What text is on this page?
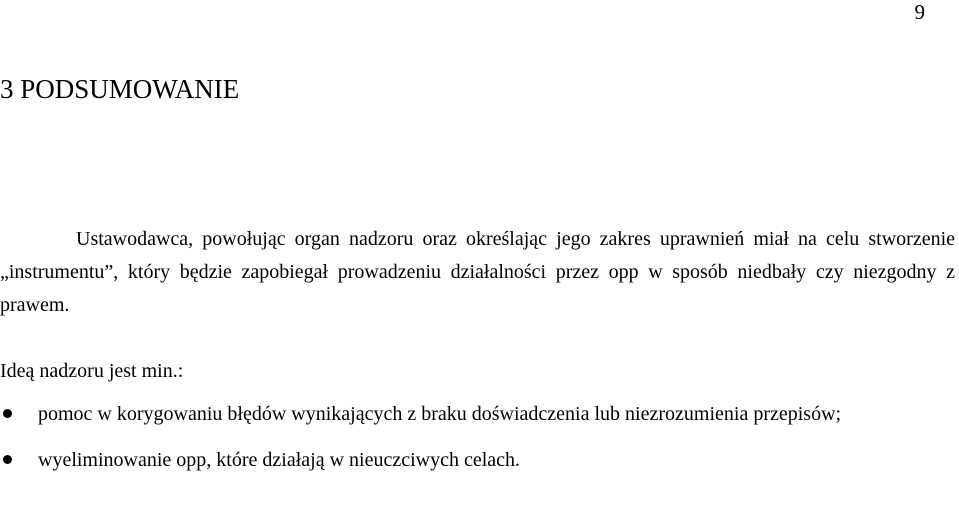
9
3 PODSUMOWANIE

Ustawodawca, powołując organ nadzoru oraz określając jego zakres uprawnień miał na celu stworzenie „instrumentu”, który będzie zapobiegał prowadzeniu działalności przez opp w sposób niedbały czy niezgodny z prawem.

Ideą nadzoru jest min.:

pomoc w korygowaniu błędów wynikających z braku doświadczenia lub niezrozumienia przepisów;
wyeliminowanie opp, które działają w nieuczciwych celach.
